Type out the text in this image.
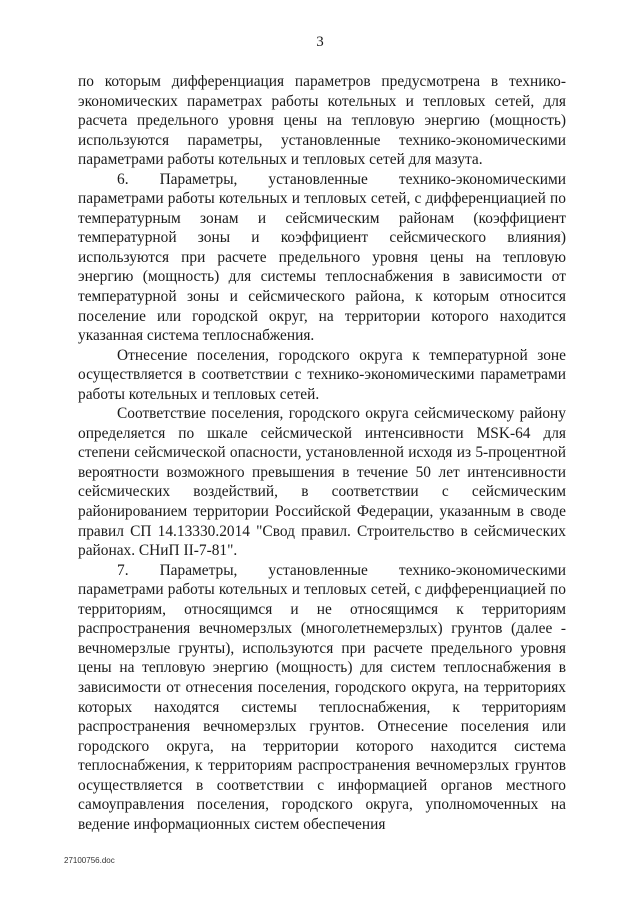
3

по которым дифференциация параметров предусмотрена в технико-экономических параметрах работы котельных и тепловых сетей, для расчета предельного уровня цены на тепловую энергию (мощность) используются параметры, установленные технико-экономическими параметрами работы котельных и тепловых сетей для мазута.

6. Параметры, установленные технико-экономическими параметрами работы котельных и тепловых сетей, с дифференциацией по температурным зонам и сейсмическим районам (коэффициент температурной зоны и коэффициент сейсмического влияния) используются при расчете предельного уровня цены на тепловую энергию (мощность) для системы теплоснабжения в зависимости от температурной зоны и сейсмического района, к которым относится поселение или городской округ, на территории которого находится указанная система теплоснабжения.

Отнесение поселения, городского округа к температурной зоне осуществляется в соответствии с технико-экономическими параметрами работы котельных и тепловых сетей.

Соответствие поселения, городского округа сейсмическому району определяется по шкале сейсмической интенсивности MSK-64 для степени сейсмической опасности, установленной исходя из 5-процентной вероятности возможного превышения в течение 50 лет интенсивности сейсмических воздействий, в соответствии с сейсмическим районированием территории Российской Федерации, указанным в своде правил СП 14.13330.2014 "Свод правил. Строительство в сейсмических районах. СНиП II-7-81".

7. Параметры, установленные технико-экономическими параметрами работы котельных и тепловых сетей, с дифференциацией по территориям, относящимся и не относящимся к территориям распространения вечномерзлых (многолетнемерзлых) грунтов (далее - вечномерзлые грунты), используются при расчете предельного уровня цены на тепловую энергию (мощность) для систем теплоснабжения в зависимости от отнесения поселения, городского округа, на территориях которых находятся системы теплоснабжения, к территориям распространения вечномерзлых грунтов. Отнесение поселения или городского округа, на территории которого находится система теплоснабжения, к территориям распространения вечномерзлых грунтов осуществляется в соответствии с информацией органов местного самоуправления поселения, городского округа, уполномоченных на ведение информационных систем обеспечения

27100756.doc
